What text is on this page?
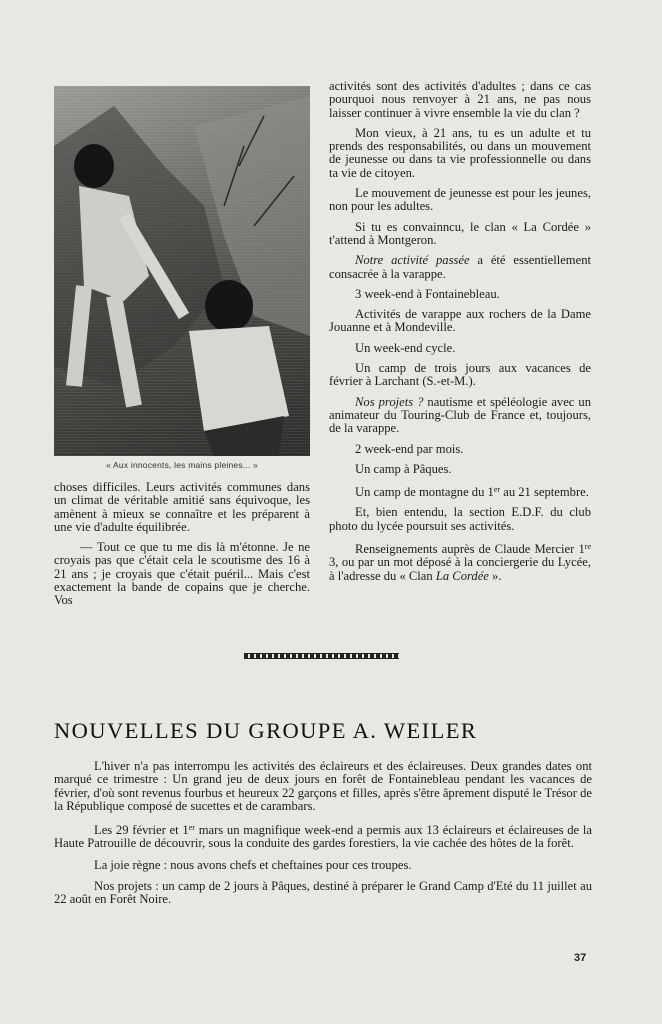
« Aux innocents, les mains pleines... »

choses difficiles. Leurs activités communes dans un climat de véritable amitié sans équivoque, les amènent à mieux se connaître et les préparent à une vie d'adulte équilibrée.

— Tout ce que tu me dis là m'étonne. Je ne croyais pas que c'était cela le scoutisme des 16 à 21 ans ; je croyais que c'était puéril... Mais c'est exactement la bande de copains que je cherche. Vos

activités sont des activités d'adultes ; dans ce cas pourquoi nous renvoyer à 21 ans, ne pas nous laisser continuer à vivre ensemble la vie du clan ?

Mon vieux, à 21 ans, tu es un adulte et tu prends des responsabilités, ou dans un mouvement de jeunesse ou dans ta vie professionnelle ou dans ta vie de citoyen.

Le mouvement de jeunesse est pour les jeunes, non pour les adultes.

Si tu es convainncu, le clan « La Cordée » t'attend à Montgeron.

Notre activité passée a été essentiellement consacrée à la varappe.

3 week-end à Fontainebleau.

Activités de varappe aux rochers de la Dame Jouanne et à Mondeville.

Un week-end cycle.

Un camp de trois jours aux vacances de février à Larchant (S.-et-M.).

Nos projets ? nautisme et spéléologie avec un animateur du Touring-Club de France et, toujours, de la varappe.

2 week-end par mois.

Un camp à Pâques.

Un camp de montagne du 1er au 21 septembre.

Et, bien entendu, la section E.D.F. du club photo du lycée poursuit ses activités.

Renseignements auprès de Claude Mercier 1re 3, ou par un mot déposé à la conciergerie du Lycée, à l'adresse du « Clan La Cordée ».

NOUVELLES DU GROUPE A. WEILER

L'hiver n'a pas interrompu les activités des éclaireurs et des éclaireuses. Deux grandes dates ont marqué ce trimestre : Un grand jeu de deux jours en forêt de Fontainebleau pendant les vacances de février, d'où sont revenus fourbus et heureux 22 garçons et filles, après s'être âprement disputé le Trésor de la République composé de sucettes et de carambars.

Les 29 février et 1er mars un magnifique week-end a permis aux 13 éclaireurs et éclaireuses de la Haute Patrouille de découvrir, sous la conduite des gardes forestiers, la vie cachée des hôtes de la forêt.

La joie règne : nous avons chefs et cheftaines pour ces troupes.

Nos projets : un camp de 2 jours à Pâques, destiné à préparer le Grand Camp d'Eté du 11 juillet au 22 août en Forêt Noire.

37
